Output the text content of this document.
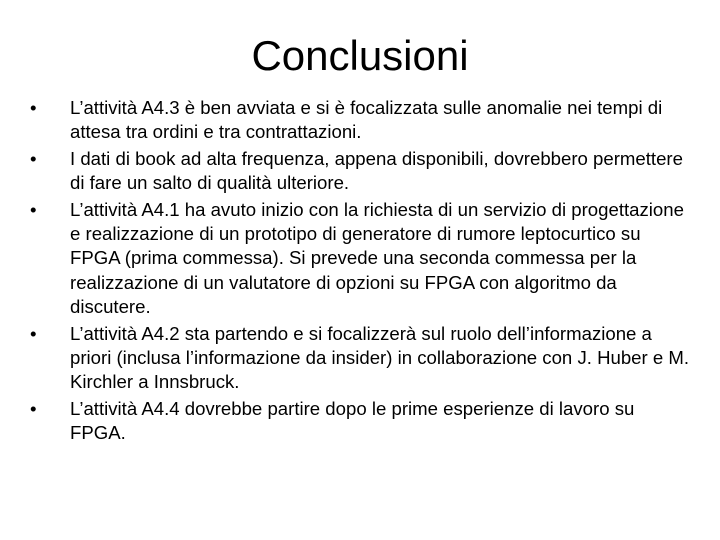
Conclusioni
•	L’attività A4.3 è ben avviata e si è focalizzata sulle anomalie nei tempi di attesa tra ordini e tra contrattazioni.
•	I dati di book ad alta frequenza, appena disponibili, dovrebbero permettere di fare un salto di qualità ulteriore.
•	L’attività A4.1 ha avuto inizio con la richiesta di un servizio di progettazione e realizzazione di un prototipo di generatore di rumore leptocurtico su FPGA (prima commessa). Si prevede una seconda commessa per la realizzazione di un valutatore di opzioni su FPGA con algoritmo da discutere.
•	L’attività A4.2 sta partendo e si focalizzerà sul ruolo dell’informazione a priori (inclusa l’informazione da insider) in collaborazione con J. Huber e M. Kirchler a Innsbruck.
•	L’attività A4.4 dovrebbe partire dopo le prime esperienze di lavoro su FPGA.
